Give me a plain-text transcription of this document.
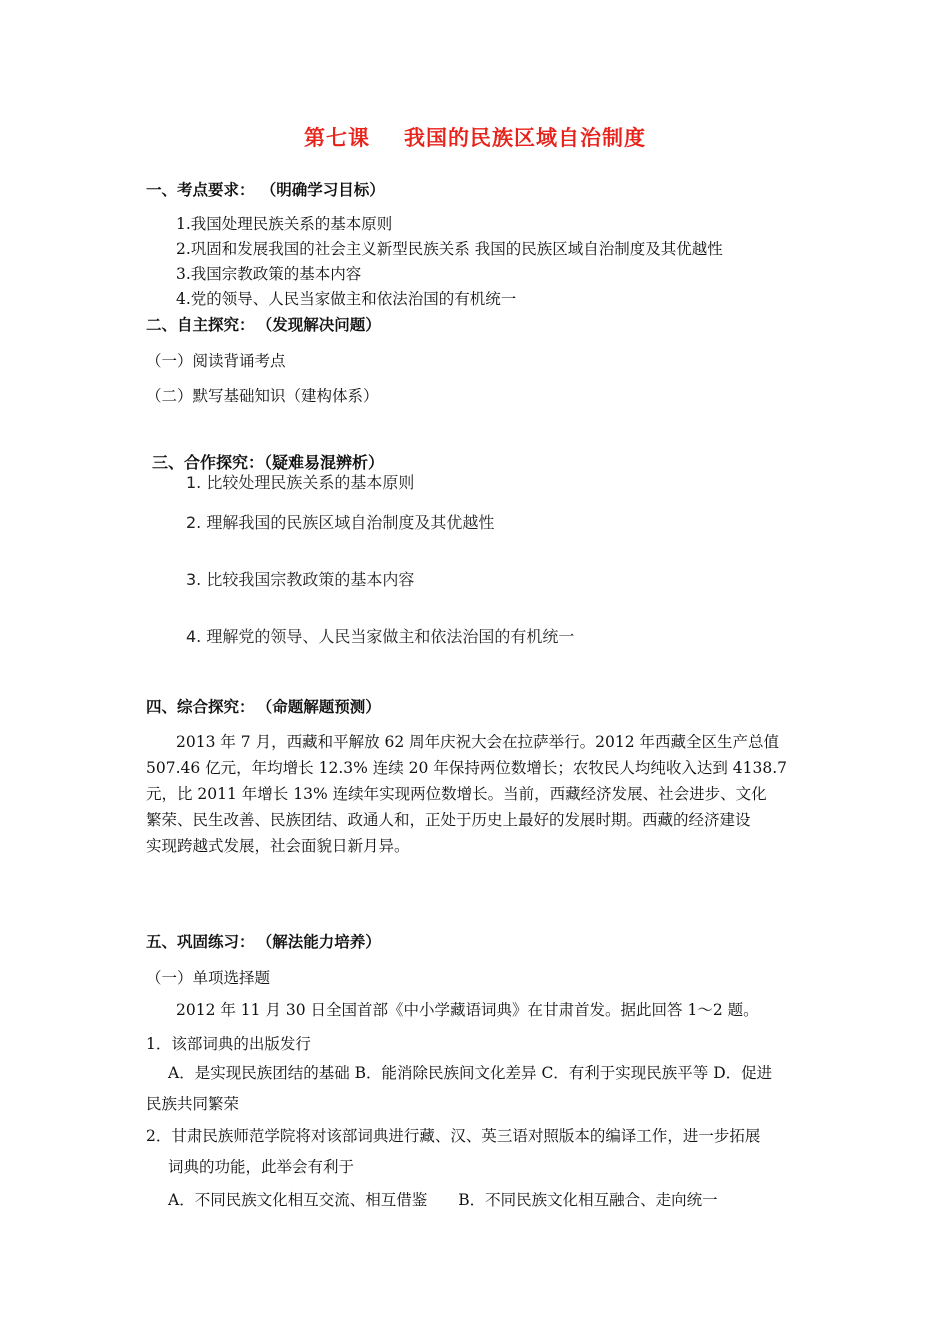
第七课 我国的民族区域自治制度
一、考点要求： （明确学习目标）
1.我国处理民族关系的基本原则
2.巩固和发展我国的社会主义新型民族关系 我国的民族区域自治制度及其优越性
3.我国宗教政策的基本内容
4.党的领导、人民当家做主和依法治国的有机统一
二、自主探究： （发现解决问题）
（一）阅读背诵考点
（二）默写基础知识（建构体系）
三、合作探究：（疑难易混辨析）
1. 比较处理民族关系的基本原则
2. 理解我国的民族区域自治制度及其优越性
3. 比较我国宗教政策的基本内容
4. 理解党的领导、人民当家做主和依法治国的有机统一
四、综合探究： （命题解题预测）
2013 年 7 月，西藏和平解放 62 周年庆祝大会在拉萨举行。2012 年西藏全区生产总值
507.46 亿元，年均增长 12.3% 连续 20 年保持两位数增长；农牧民人均纯收入达到 4138.7
元，比 2011 年增长 13% 连续年实现两位数增长。当前，西藏经济发展、社会进步、文化
繁荣、民生改善、民族团结、政通人和，正处于历史上最好的发展时期。西藏的经济建设
实现跨越式发展，社会面貌日新月异。
五、巩固练习： （解法能力培养）
（一）单项选择题
2012 年 11 月 30 日全国首部《中小学藏语词典》在甘肃首发。据此回答 1～2 题。
1．该部词典的出版发行
A．是实现民族团结的基础 B．能消除民族间文化差异 C．有利于实现民族平等 D．促进
民族共同繁荣
2．甘肃民族师范学院将对该部词典进行藏、汉、英三语对照版本的编译工作，进一步拓展
词典的功能，此举会有利于
A．不同民族文化相互交流、相互借鉴　　B．不同民族文化相互融合、走向统一
